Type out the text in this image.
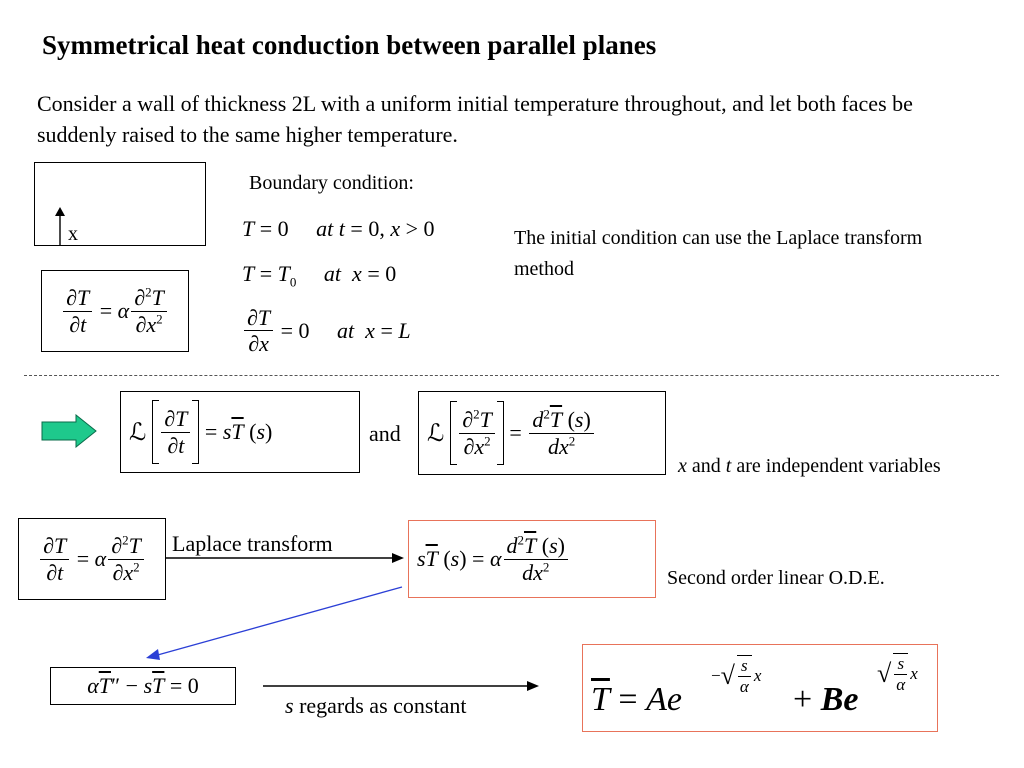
Symmetrical heat conduction between parallel planes
Consider a wall of thickness 2L with a uniform initial temperature throughout, and let both faces be suddenly raised to the same higher temperature.
x
$\frac{\partial T}{\partial t} = \alpha \frac{\partial^2T}{\partial x^2}$
Boundary condition:
T = 0     at t = 0, x > 0
$T = T_0$ at x = 0
$\frac{\partial T}{\partial x} = 0$     at x = L
The initial condition can use the Laplace transform method
ℒ $\frac{\partial T}{\partial t} = s\overline{T}$ (s)	and ℒ $\frac{\partial^2T}{\partial x^2} = \frac{d^2\overline{T} (s)}{dx^2}$
x and t are independent variables
$\frac{\partial T}{\partial t} = \alpha \frac{\partial^2T}{\partial x^2}$ Laplace transform
$s\overline{T}$ (s) = α $\frac{d^2\overline{T} (s)}{dx^2}$	Second order linear O.D.E.
$\alpha\overline{T}'' - s\overline{T} = 0$
s regards as constant	$\overline{T} = Ae$
− √ $\frac{s}{\alpha}$ x
+ Be
√ $\frac{s}{\alpha}$ x
